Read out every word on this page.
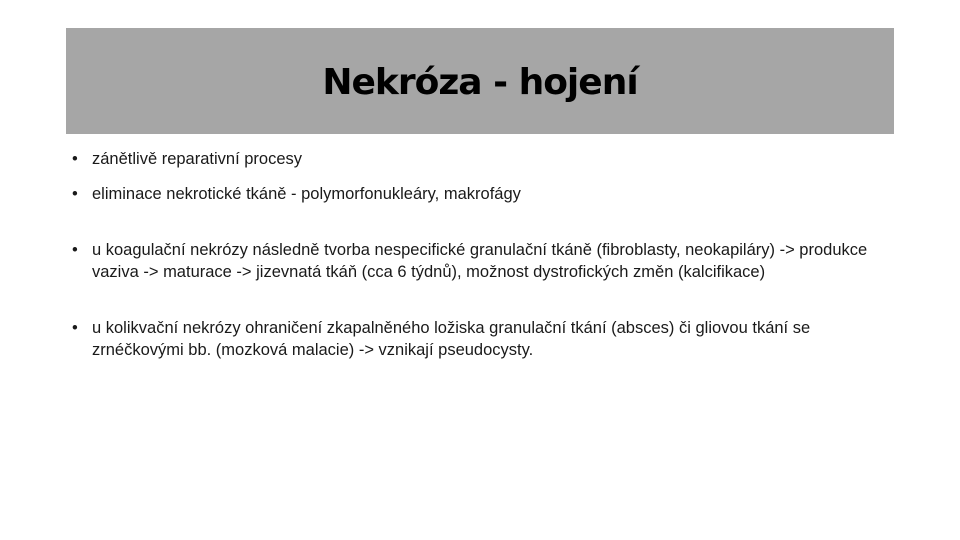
Nekróza - hojení
• zánětlivě reparativní procesy
• eliminace nekrotické tkáně - polymorfonukleáry, makrofágy
• u koagulační nekrózy následně tvorba nespecifické granulační tkáně (fibroblasty, neokapiláry) -> produkce vaziva -> maturace -> jizevnatá tkáň (cca 6 týdnů), možnost dystrofických změn (kalcifikace)
• u kolikvační nekrózy ohraničení zkapalněného ložiska granulační tkání (absces) či gliovou tkání se zrnéčkovými bb. (mozková malacie) -> vznikají pseudocysty.
